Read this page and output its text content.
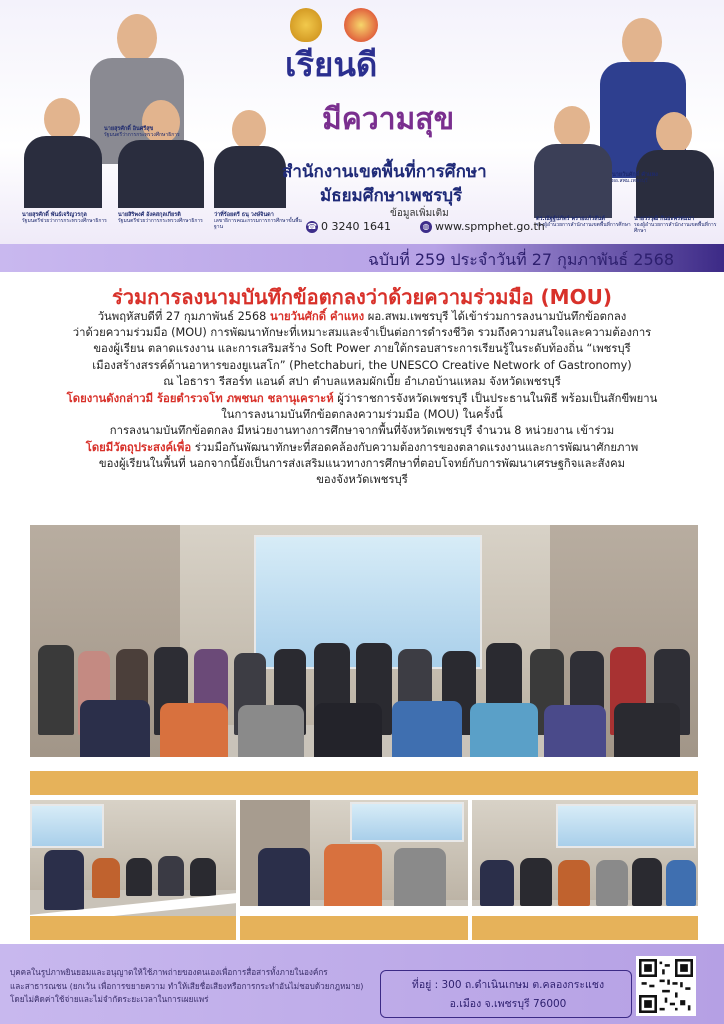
นายสุรศักดิ์ อินศรีสุข
รัฐมนตรีว่าการกระทรวงศึกษาธิการ
นายสุรศักดิ์ พันธ์เจริญวรกุล
รัฐมนตรีช่วยว่าการกระทรวงศึกษาธิการ
นายสิริพงศ์ อังคสกุลเกียรติ
รัฐมนตรีช่วยว่าการกระทรวงศึกษาธิการ
ว่าที่ร้อยตรี ธนุ วงษ์จินดา
เลขาธิการคณะกรรมการการศึกษาขั้นพื้นฐาน
นายวันศักดิ์ คำแหง
ผอ.สพม.เพชรบุรี
ดร.ณัฐฐ์ปภัทร์ พรายแก้วสันต์
รองผู้อำนวยการสำนักงานเขตพื้นที่การศึกษา
นายวรวุฒิ กันธะพรหมมา
รองผู้อำนวยการสำนักงานเขตพื้นที่การศึกษา
เรียนดี
มีความสุข
สำนักงานเขตพื้นที่การศึกษา
มัธยมศึกษาเพชรบุรี
ข้อมูลเพิ่มเติม
☎ 0 3240 1641	◍ www.spmphet.go.th
ฉบับที่ 259 ประจำวันที่ 27 กุมภาพันธ์ 2568
ร่วมการลงนามบันทึกข้อตกลงว่าด้วยความร่วมมือ (MOU)
วันพฤหัสบดีที่ 27 กุมภาพันธ์ 2568 นายวันศักดิ์ คำแหง ผอ.สพม.เพชรบุรี ได้เข้าร่วมการลงนามบันทึกข้อตกลง
ว่าด้วยความร่วมมือ (MOU) การพัฒนาทักษะที่เหมาะสมและจำเป็นต่อการดำรงชีวิต รวมถึงความสนใจและความต้องการ
ของผู้เรียน ตลาดแรงงาน และการเสริมสร้าง Soft Power ภายใต้กรอบสาระการเรียนรู้ในระดับท้องถิ่น “เพชรบุรี
เมืองสร้างสรรค์ด้านอาหารของยูเนสโก” (Phetchaburi, the UNESCO Creative Network of Gastronomy)
ณ ไอธารา รีสอร์ท แอนด์ สปา ตำบลแหลมผักเบี้ย อำเภอบ้านแหลม จังหวัดเพชรบุรี
โดยงานดังกล่าวมี ร้อยตำรวจโท ภพชนก ชลานุเคราะห์ ผู้ว่าราชการจังหวัดเพชรบุรี เป็นประธานในพิธี พร้อมเป็นสักขีพยาน
ในการลงนามบันทึกข้อตกลงความร่วมมือ (MOU) ในครั้งนี้
การลงนามบันทึกข้อตกลง มีหน่วยงานทางการศึกษาจากพื้นที่จังหวัดเพชรบุรี จำนวน 8 หน่วยงาน เข้าร่วม
โดยมีวัตถุประสงค์เพื่อ ร่วมมือกันพัฒนาทักษะที่สอดคล้องกับความต้องการของตลาดแรงงานและการพัฒนาศักยภาพ
ของผู้เรียนในพื้นที่ นอกจากนี้ยังเป็นการส่งเสริมแนวทางการศึกษาที่ตอบโจทย์กับการพัฒนาเศรษฐกิจและสังคม
ของจังหวัดเพชรบุรี
บุคคลในรูปภาพยินยอมและอนุญาตให้ใช้ภาพถ่ายของตนเองเพื่อการสื่อสารทั้งภายในองค์กร
และสาธารณชน (ยกเว้น เพื่อการขยายความ ทำให้เสียชื่อเสียงหรือการกระทำอันไม่ชอบด้วยกฎหมาย)
โดยไม่คิดค่าใช้จ่ายและไม่จำกัดระยะเวลาในการเผยแพร่
ที่อยู่ : 300 ถ.ดำเนินเกษม ต.คลองกระแชง
อ.เมือง จ.เพชรบุรี 76000
